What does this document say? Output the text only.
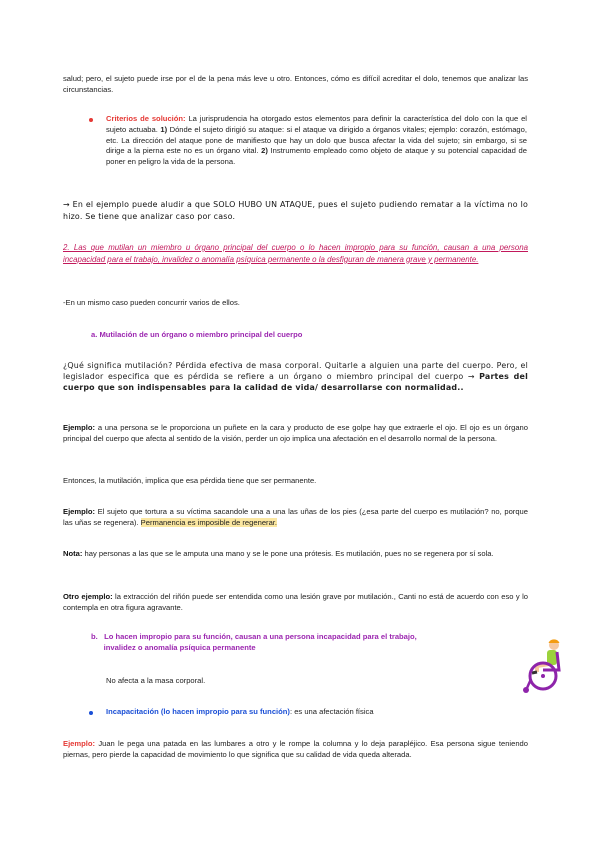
salud; pero, el sujeto puede irse por el de la pena más leve u otro. Entonces, cómo es difícil acreditar el dolo, tenemos que analizar las circunstancias.

Criterios de solución: La jurisprudencia ha otorgado estos elementos para definir la característica del dolo con la que el sujeto actuaba. 1) Dónde el sujeto dirigió su ataque: si el ataque va dirigido a órganos vitales; ejemplo: corazón, estómago, etc. La dirección del ataque pone de manifiesto que hay un dolo que busca afectar la vida del sujeto; sin embargo, si se dirige a la pierna este no es un órgano vital. 2) Instrumento empleado como objeto de ataque y su potencial capacidad de poner en peligro la vida de la persona.

→ En el ejemplo puede aludir a que SOLO HUBO UN ATAQUE, pues el sujeto pudiendo rematar a la víctima no lo hizo. Se tiene que analizar caso por caso.

2. Las que mutilan un miembro u órgano principal del cuerpo o lo hacen impropio para su función, causan a una persona incapacidad para el trabajo, invalidez o anomalía psíquica permanente o la desfiguran de manera grave y permanente.

-En un mismo caso pueden concurrir varios de ellos.

a. Mutilación de un órgano o miembro principal del cuerpo

¿Qué significa mutilación? Pérdida efectiva de masa corporal. Quitarle a alguien una parte del cuerpo. Pero, el legislador especifica que es pérdida se refiere a un órgano o miembro principal del cuerpo → Partes del cuerpo que son indispensables para la calidad de vida/ desarrollarse con normalidad..

Ejemplo: a una persona se le proporciona un puñete en la cara y producto de ese golpe hay que extraerle el ojo. El ojo es un órgano principal del cuerpo que afecta al sentido de la visión, perder un ojo implica una afectación en el desarrollo normal de la persona.

Entonces, la mutilación, implica que esa pérdida tiene que ser permanente.

Ejemplo: El sujeto que tortura a su víctima sacandole una a una las uñas de los pies (¿esa parte del cuerpo es mutilación? no, porque las uñas se regenera). Permanencia es imposible de regenerar.

Nota: hay personas a las que se le amputa una mano y se le pone una prótesis. Es mutilación, pues no se regenera por sí sola.

Otro ejemplo: la extracción del riñón puede ser entendida como una lesión grave por mutilación., Canti no está de acuerdo con eso y lo contempla en otra figura agravante.

b.   Lo hacen impropio para su función, causan a una persona incapacidad para el trabajo,
invalidez o anomalía psíquica permanente

No afecta a la masa corporal.

Incapacitación (lo hacen impropio para su función): es una afectación física

Ejemplo: Juan le pega una patada en las lumbares a otro y le rompe la columna y lo deja parapléjico. Esa persona sigue teniendo piernas, pero pierde la capacidad de movimiento lo que significa que su calidad de vida queda alterada.
